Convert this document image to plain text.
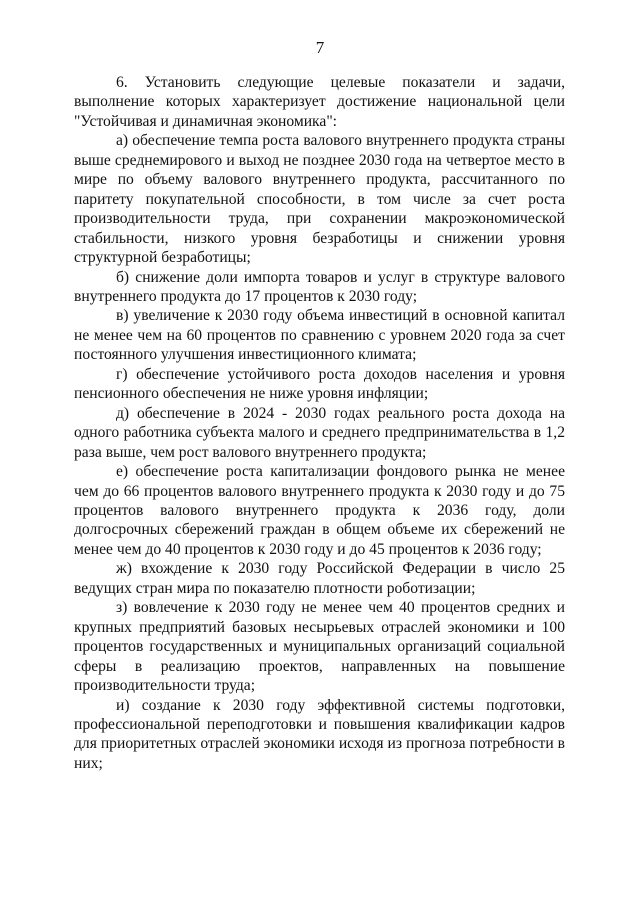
7

6. Установить следующие целевые показатели и задачи, выполнение которых характеризует достижение национальной цели "Устойчивая и динамичная экономика":

а) обеспечение темпа роста валового внутреннего продукта страны выше среднемирового и выход не позднее 2030 года на четвертое место в мире по объему валового внутреннего продукта, рассчитанного по паритету покупательной способности, в том числе за счет роста производительности труда, при сохранении макроэкономической стабильности, низкого уровня безработицы и снижении уровня структурной безработицы;

б) снижение доли импорта товаров и услуг в структуре валового внутреннего продукта до 17 процентов к 2030 году;

в) увеличение к 2030 году объема инвестиций в основной капитал не менее чем на 60 процентов по сравнению с уровнем 2020 года за счет постоянного улучшения инвестиционного климата;

г) обеспечение устойчивого роста доходов населения и уровня пенсионного обеспечения не ниже уровня инфляции;

д) обеспечение в 2024 - 2030 годах реального роста дохода на одного работника субъекта малого и среднего предпринимательства в 1,2 раза выше, чем рост валового внутреннего продукта;

е) обеспечение роста капитализации фондового рынка не менее чем до 66 процентов валового внутреннего продукта к 2030 году и до 75 процентов валового внутреннего продукта к 2036 году, доли долгосрочных сбережений граждан в общем объеме их сбережений не менее чем до 40 процентов к 2030 году и до 45 процентов к 2036 году;

ж) вхождение к 2030 году Российской Федерации в число 25 ведущих стран мира по показателю плотности роботизации;

з) вовлечение к 2030 году не менее чем 40 процентов средних и крупных предприятий базовых несырьевых отраслей экономики и 100 процентов государственных и муниципальных организаций социальной сферы в реализацию проектов, направленных на повышение производительности труда;

и) создание к 2030 году эффективной системы подготовки, профессиональной переподготовки и повышения квалификации кадров для приоритетных отраслей экономики исходя из прогноза потребности в них;
